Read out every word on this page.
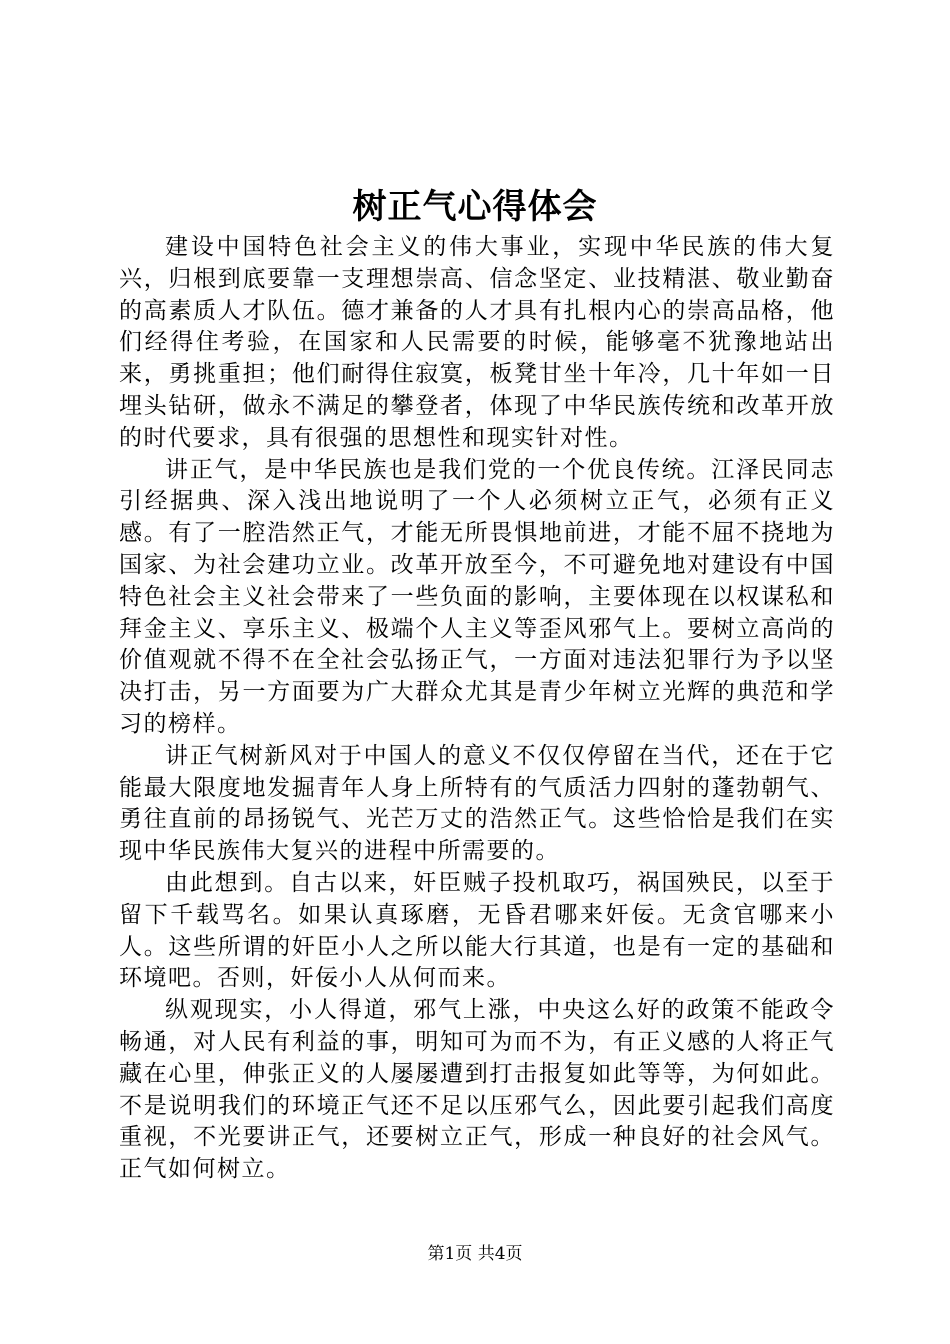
树正气心得体会

建设中国特色社会主义的伟大事业，实现中华民族的伟大复兴，归根到底要靠一支理想崇高、信念坚定、业技精湛、敬业勤奋的高素质人才队伍。德才兼备的人才具有扎根内心的崇高品格，他们经得住考验，在国家和人民需要的时候，能够毫不犹豫地站出来，勇挑重担；他们耐得住寂寞，板凳甘坐十年冷，几十年如一日埋头钻研，做永不满足的攀登者，体现了中华民族传统和改革开放的时代要求，具有很强的思想性和现实针对性。

讲正气，是中华民族也是我们党的一个优良传统。江泽民同志引经据典、深入浅出地说明了一个人必须树立正气，必须有正义感。有了一腔浩然正气，才能无所畏惧地前进，才能不屈不挠地为国家、为社会建功立业。改革开放至今，不可避免地对建设有中国特色社会主义社会带来了一些负面的影响，主要体现在以权谋私和拜金主义、享乐主义、极端个人主义等歪风邪气上。要树立高尚的价值观就不得不在全社会弘扬正气，一方面对违法犯罪行为予以坚决打击，另一方面要为广大群众尤其是青少年树立光辉的典范和学习的榜样。

讲正气树新风对于中国人的意义不仅仅停留在当代，还在于它能最大限度地发掘青年人身上所特有的气质活力四射的蓬勃朝气、勇往直前的昂扬锐气、光芒万丈的浩然正气。这些恰恰是我们在实现中华民族伟大复兴的进程中所需要的。

由此想到。自古以来，奸臣贼子投机取巧，祸国殃民，以至于留下千载骂名。如果认真琢磨，无昏君哪来奸佞。无贪官哪来小人。这些所谓的奸臣小人之所以能大行其道，也是有一定的基础和环境吧。否则，奸佞小人从何而来。

纵观现实，小人得道，邪气上涨，中央这么好的政策不能政令畅通，对人民有利益的事，明知可为而不为，有正义感的人将正气藏在心里，伸张正义的人屡屡遭到打击报复如此等等，为何如此。不是说明我们的环境正气还不足以压邪气么，因此要引起我们高度重视，不光要讲正气，还要树立正气，形成一种良好的社会风气。正气如何树立。

第1页 共4页
